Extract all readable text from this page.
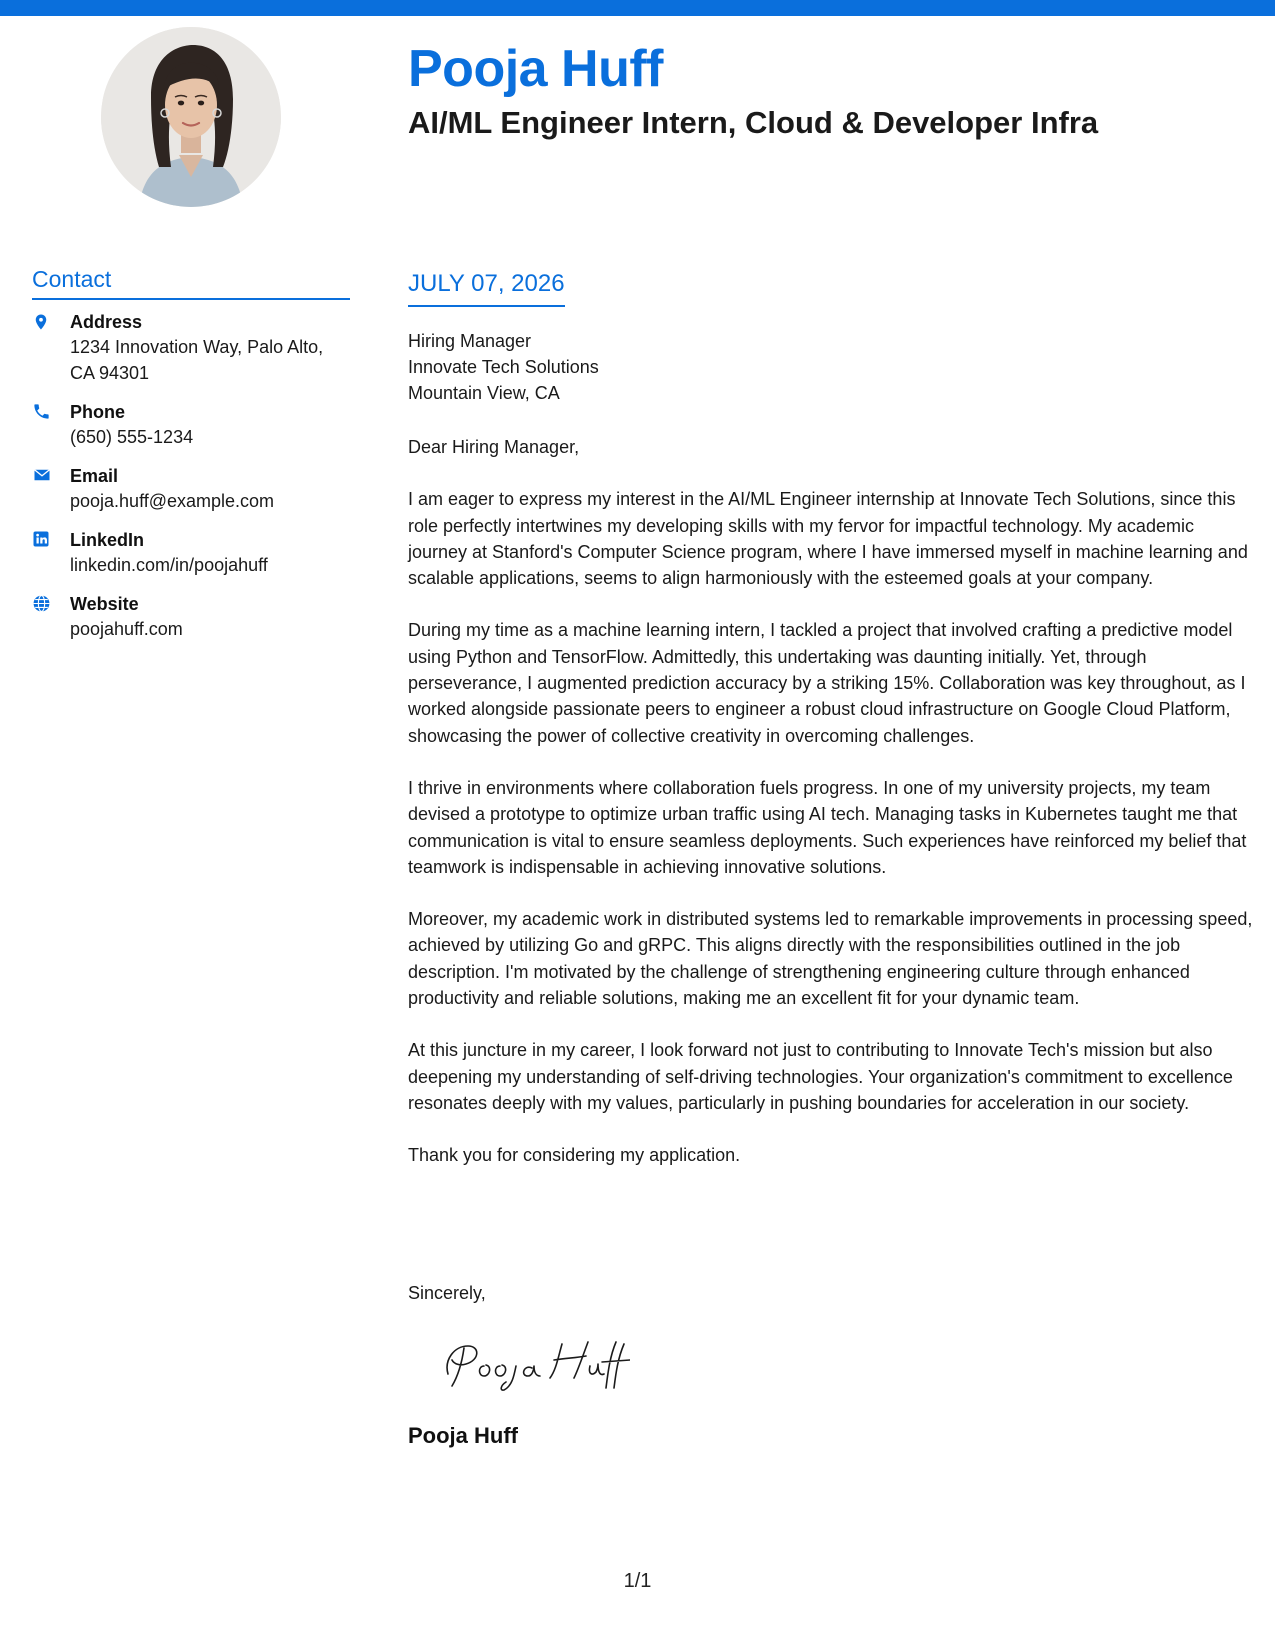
Pooja Huff
AI/ML Engineer Intern, Cloud & Developer Infra
Contact
Address
1234 Innovation Way, Palo Alto, CA 94301
Phone
(650) 555-1234
Email
pooja.huff@example.com
LinkedIn
linkedin.com/in/poojahuff
Website
poojahuff.com
JULY 07, 2026
Hiring Manager
Innovate Tech Solutions
Mountain View, CA

Dear Hiring Manager,

I am eager to express my interest in the AI/ML Engineer internship at Innovate Tech Solutions, since this role perfectly intertwines my developing skills with my fervor for impactful technology. My academic journey at Stanford's Computer Science program, where I have immersed myself in machine learning and scalable applications, seems to align harmoniously with the esteemed goals at your company.

During my time as a machine learning intern, I tackled a project that involved crafting a predictive model using Python and TensorFlow. Admittedly, this undertaking was daunting initially. Yet, through perseverance, I augmented prediction accuracy by a striking 15%. Collaboration was key throughout, as I worked alongside passionate peers to engineer a robust cloud infrastructure on Google Cloud Platform, showcasing the power of collective creativity in overcoming challenges.

I thrive in environments where collaboration fuels progress. In one of my university projects, my team devised a prototype to optimize urban traffic using AI tech. Managing tasks in Kubernetes taught me that communication is vital to ensure seamless deployments. Such experiences have reinforced my belief that teamwork is indispensable in achieving innovative solutions.

Moreover, my academic work in distributed systems led to remarkable improvements in processing speed, achieved by utilizing Go and gRPC. This aligns directly with the responsibilities outlined in the job description. I'm motivated by the challenge of strengthening engineering culture through enhanced productivity and reliable solutions, making me an excellent fit for your dynamic team.

At this juncture in my career, I look forward not just to contributing to Innovate Tech's mission but also deepening my understanding of self-driving technologies. Your organization's commitment to excellence resonates deeply with my values, particularly in pushing boundaries for acceleration in our society.

Thank you for considering my application.

Sincerely,
Pooja Huff
1/1
